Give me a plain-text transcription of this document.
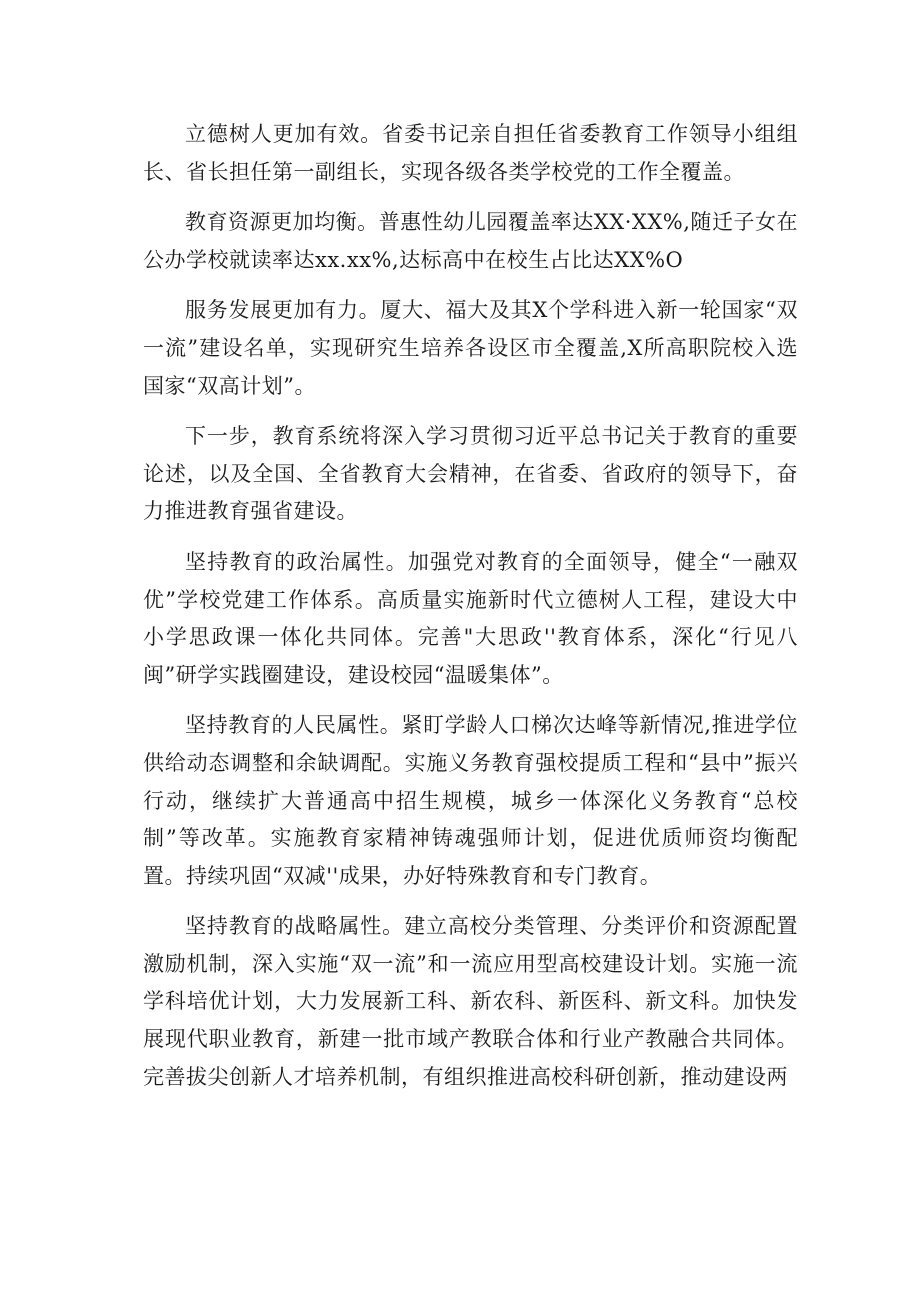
立德树人更加有效。省委书记亲自担任省委教育工作领导小组组长、省长担任第一副组长，实现各级各类学校党的工作全覆盖。

教育资源更加均衡。普惠性幼儿园覆盖率达XX·XX%,随迁子女在公办学校就读率达xx.xx%,达标高中在校生占比达XX%O

服务发展更加有力。厦大、福大及其X个学科进入新一轮国家“双一流”建设名单，实现研究生培养各设区市全覆盖,X所高职院校入选国家“双高计划”。

下一步，教育系统将深入学习贯彻习近平总书记关于教育的重要论述，以及全国、全省教育大会精神，在省委、省政府的领导下，奋力推进教育强省建设。

坚持教育的政治属性。加强党对教育的全面领导，健全“一融双优”学校党建工作体系。高质量实施新时代立德树人工程，建设大中小学思政课一体化共同体。完善"大思政''教育体系，深化“行见八闽”研学实践圈建设，建设校园“温暖集体”。

坚持教育的人民属性。紧盯学龄人口梯次达峰等新情况,推进学位供给动态调整和余缺调配。实施义务教育强校提质工程和“县中”振兴行动，继续扩大普通高中招生规模，城乡一体深化义务教育“总校制”等改革。实施教育家精神铸魂强师计划，促进优质师资均衡配置。持续巩固“双减''成果，办好特殊教育和专门教育。

坚持教育的战略属性。建立高校分类管理、分类评价和资源配置激励机制，深入实施“双一流”和一流应用型高校建设计划。实施一流学科培优计划，大力发展新工科、新农科、新医科、新文科。加快发展现代职业教育，新建一批市域产教联合体和行业产教融合共同体。完善拔尖创新人才培养机制，有组织推进高校科研创新，推动建设两
